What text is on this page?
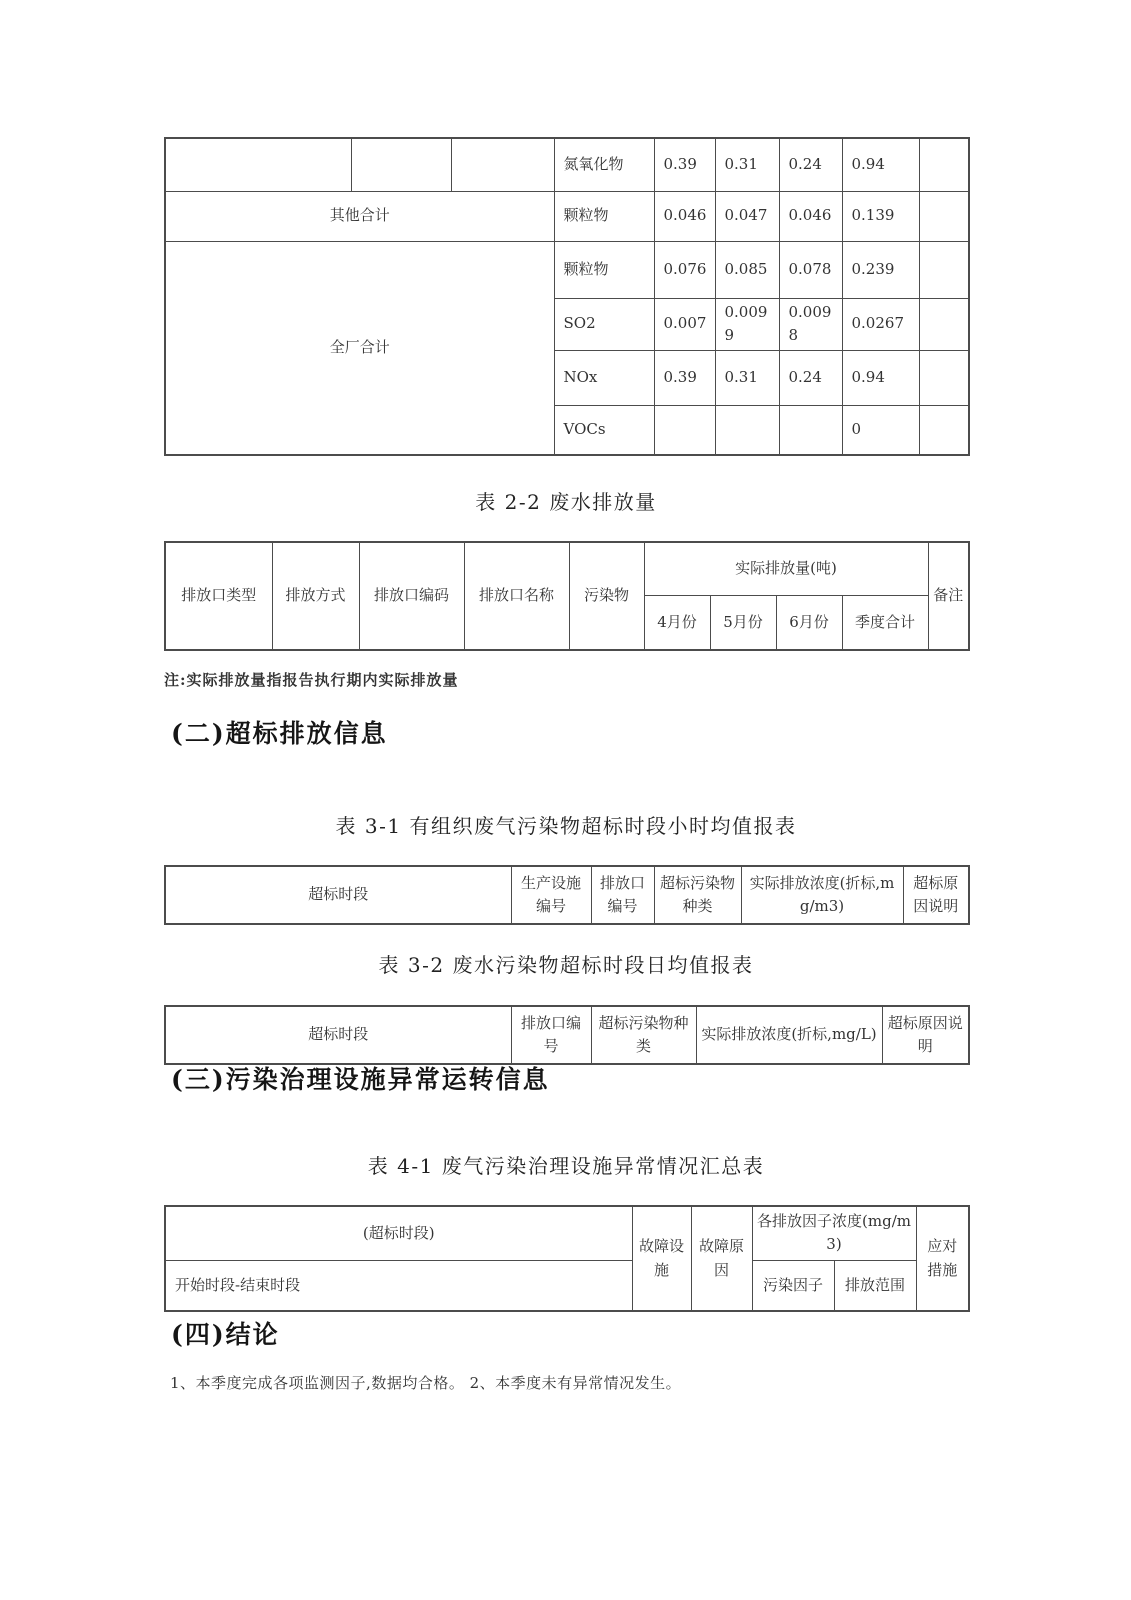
			氮氧化物	0.39	0.31	0.24	0.94	
其他合计			颗粒物	0.046	0.047	0.046	0.139	
全厂合计			颗粒物	0.076	0.085	0.078	0.239	
			SO2	0.007	0.0099	0.0098	0.0267	
			NOx	0.39	0.31	0.24	0.94	
			VOCs				0	
表 2-2 废水排放量
排放口类型	排放方式	排放口编码	排放口名称	污染物	实际排放量(吨)				备注
					4月份	5月份	6月份	季度合计	
注:实际排放量指报告执行期内实际排放量
(二)超标排放信息
表 3-1 有组织废气污染物超标时段小时均值报表
超标时段	生产设施编号	排放口编号	超标污染物种类	实际排放浓度(折标,mg/m3)	超标原因说明
表 3-2 废水污染物超标时段日均值报表
超标时段	排放口编号	超标污染物种类	实际排放浓度(折标,mg/L)	超标原因说明
(三)污染治理设施异常运转信息
表 4-1 废气污染治理设施异常情况汇总表
(超标时段)	故障设施	故障原因	各排放因子浓度(mg/m3)		应对措施
开始时段-结束时段			污染因子	排放范围	
(四)结论
1、本季度完成各项监测因子,数据均合格。 2、本季度未有异常情况发生。
